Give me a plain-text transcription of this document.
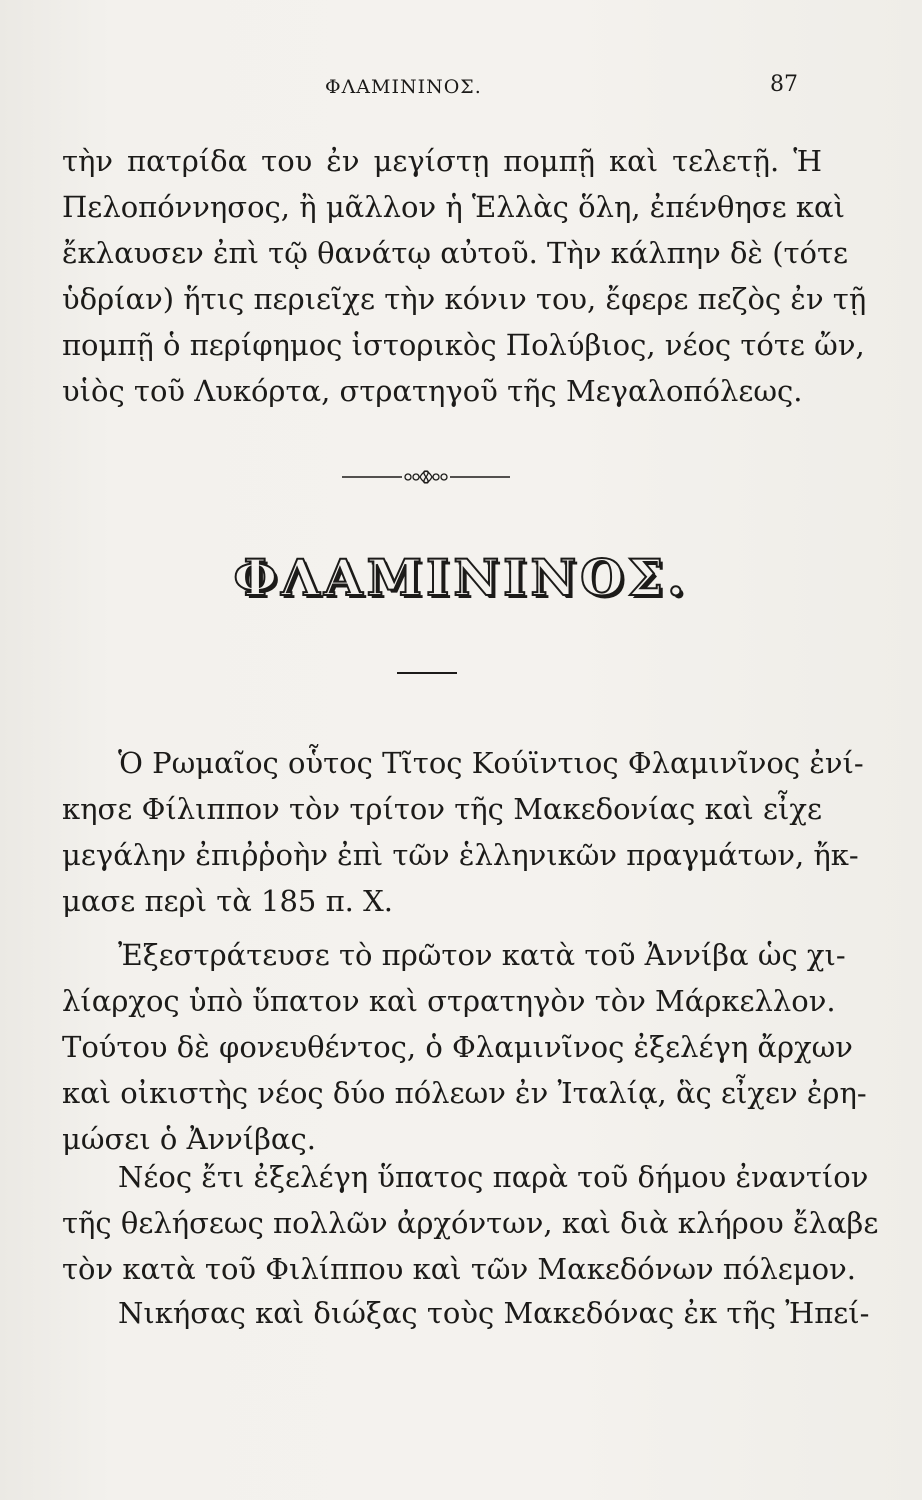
ΦΛΑΜΙΝΙΝΟΣ.	87

τὴν πατρίδα του ἐν μεγίστῃ πομπῇ καὶ τελετῇ. Ἡ
Πελοπόννησος, ἢ μᾶλλον ἡ Ἑλλὰς ὅλη, ἐπένθησε καὶ
ἔκλαυσεν ἐπὶ τῷ θανάτῳ αὐτοῦ. Τὴν κάλπην δὲ (τότε
ὑδρίαν) ἥτις περιεῖχε τὴν κόνιν του, ἔφερε πεζὸς ἐν τῇ
πομπῇ ὁ περίφημος ἱστορικὸς Πολύβιος, νέος τότε ὤν,
υἱὸς τοῦ Λυκόρτα, στρατηγοῦ τῆς Μεγαλοπόλεως.

ΦΛΑΜΙΝΙΝΟΣ.

Ὁ Ρωμαῖος οὗτος Τῖτος Κούϊντιος Φλαμινῖνος ἐνί-
κησε Φίλιππον τὸν τρίτον τῆς Μακεδονίας καὶ εἶχε
μεγάλην ἐπιῤῥοὴν ἐπὶ τῶν ἑλληνικῶν πραγμάτων, ἤκ-
μασε περὶ τὰ 185 π. Χ.

Ἐξεστράτευσε τὸ πρῶτον κατὰ τοῦ Ἀννίβα ὡς χι-
λίαρχος ὑπὸ ὕπατον καὶ στρατηγὸν τὸν Μάρκελλον.
Τούτου δὲ φονευθέντος, ὁ Φλαμινῖνος ἐξελέγη ἄρχων
καὶ οἰκιστὴς νέος δύο πόλεων ἐν Ἰταλίᾳ, ἃς εἶχεν ἐρη-
μώσει ὁ Ἀννίβας.

Νέος ἔτι ἐξελέγη ὕπατος παρὰ τοῦ δήμου ἐναντίον
τῆς θελήσεως πολλῶν ἀρχόντων, καὶ διὰ κλήρου ἔλαβε
τὸν κατὰ τοῦ Φιλίππου καὶ τῶν Μακεδόνων πόλεμον.

Νικήσας καὶ διώξας τοὺς Μακεδόνας ἐκ τῆς Ἠπεί-
